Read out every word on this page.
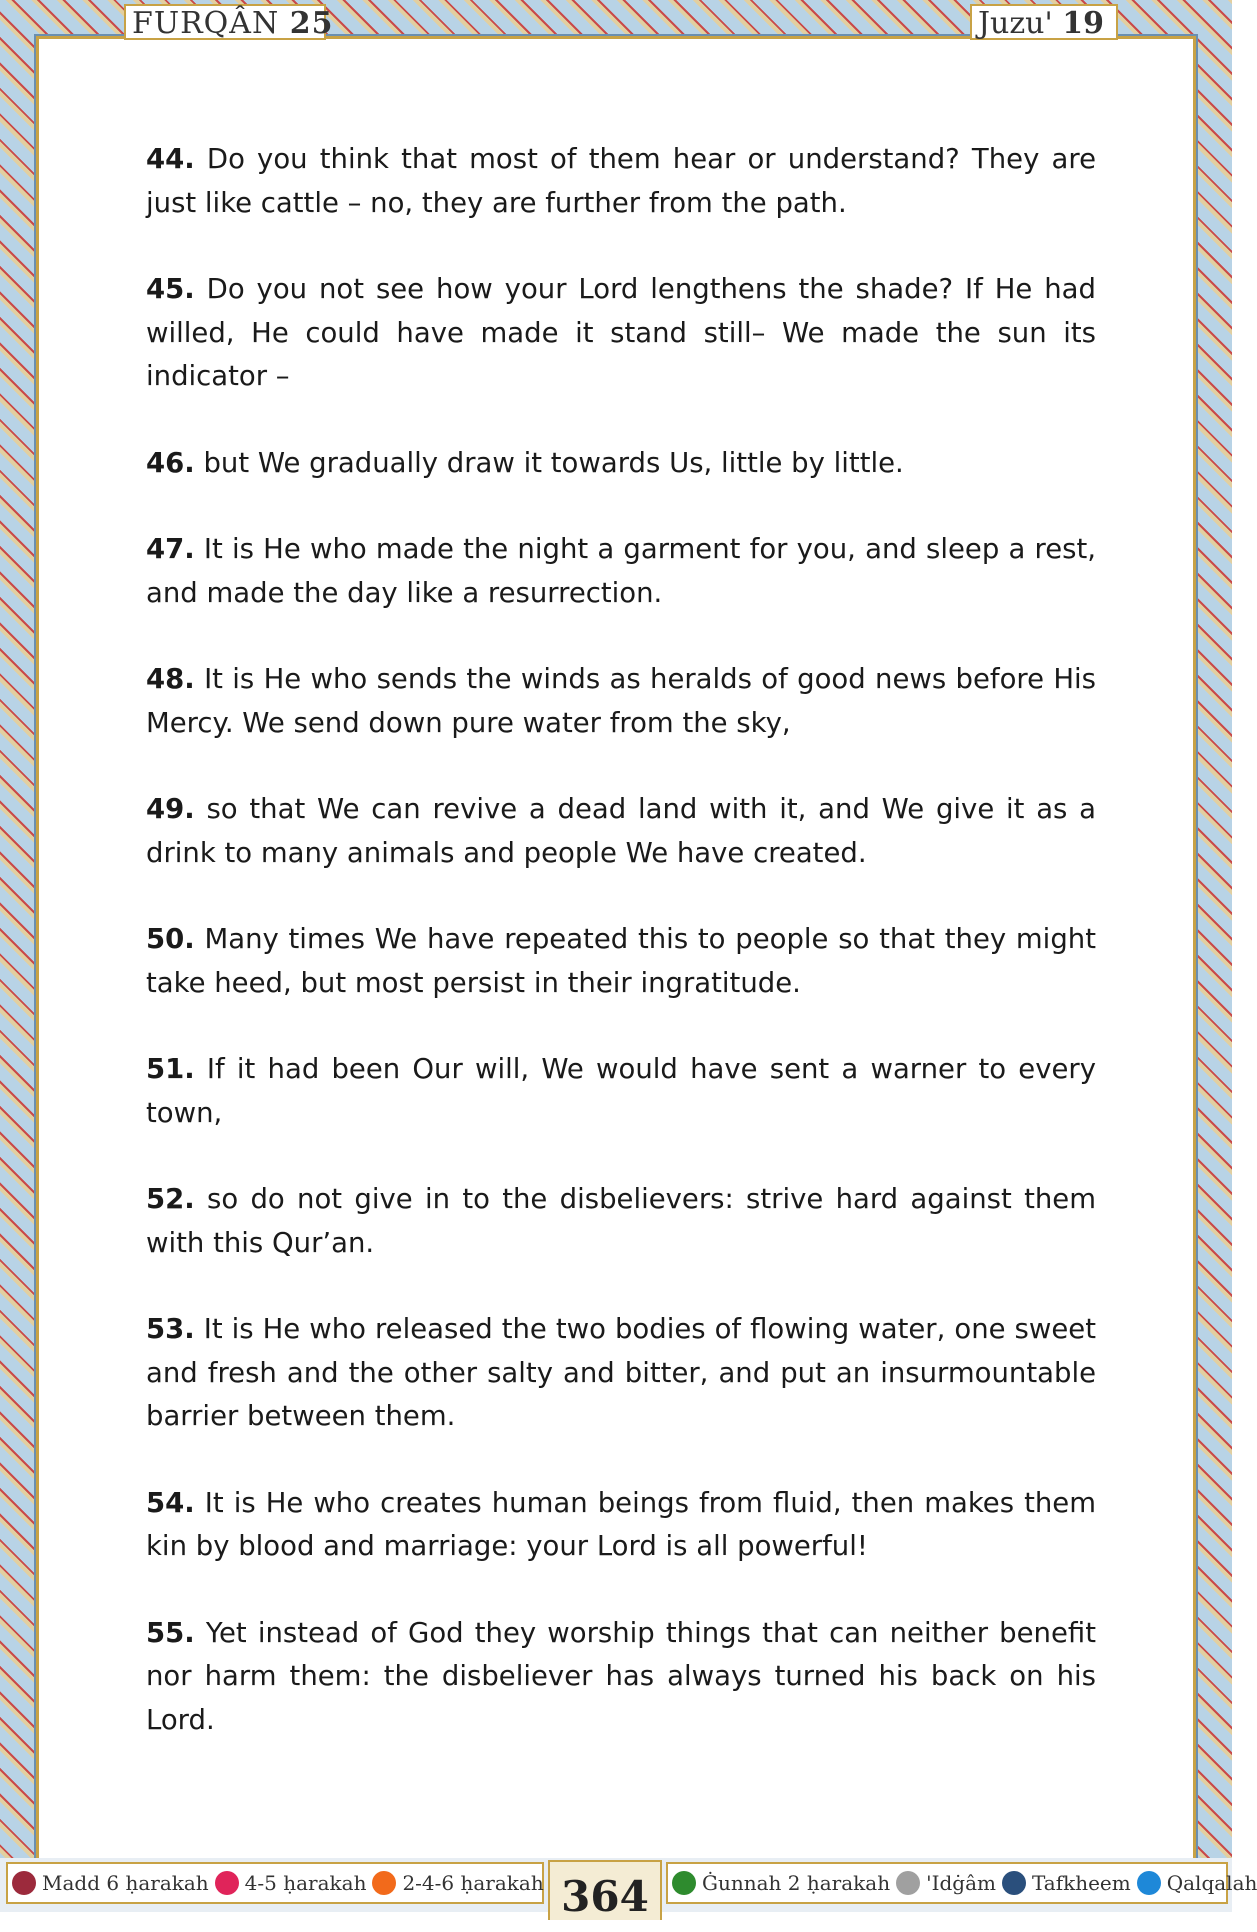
FURQÂN 25	Juzu' 19

44. Do you think that most of them hear or understand? They are just like cattle – no, they are further from the path.

45. Do you not see how your Lord lengthens the shade? If He had willed, He could have made it stand still– We made the sun its indicator –

46. but We gradually draw it towards Us, little by little.

47. It is He who made the night a garment for you, and sleep a rest, and made the day like a resurrection.

48. It is He who sends the winds as heralds of good news before His Mercy. We send down pure water from the sky,

49. so that We can revive a dead land with it, and We give it as a drink to many animals and people We have created.

50. Many times We have repeated this to people so that they might take heed, but most persist in their ingratitude.

51. If it had been Our will, We would have sent a warner to every town,

52. so do not give in to the disbelievers: strive hard against them with this Qur’an.

53. It is He who released the two bodies of flowing water, one sweet and fresh and the other salty and bitter, and put an insurmountable barrier between them.

54. It is He who creates human beings from fluid, then makes them kin by blood and marriage: your Lord is all powerful!

55. Yet instead of God they worship things that can neither benefit nor harm them: the disbeliever has always turned his back on his Lord.

Madd 6 ḥarakah 4-5 ḥarakah 2-4-6 ḥarakah	Ġunnah 2 ḥarakah 'Idġâm Tafkheem Qalqalah
364
